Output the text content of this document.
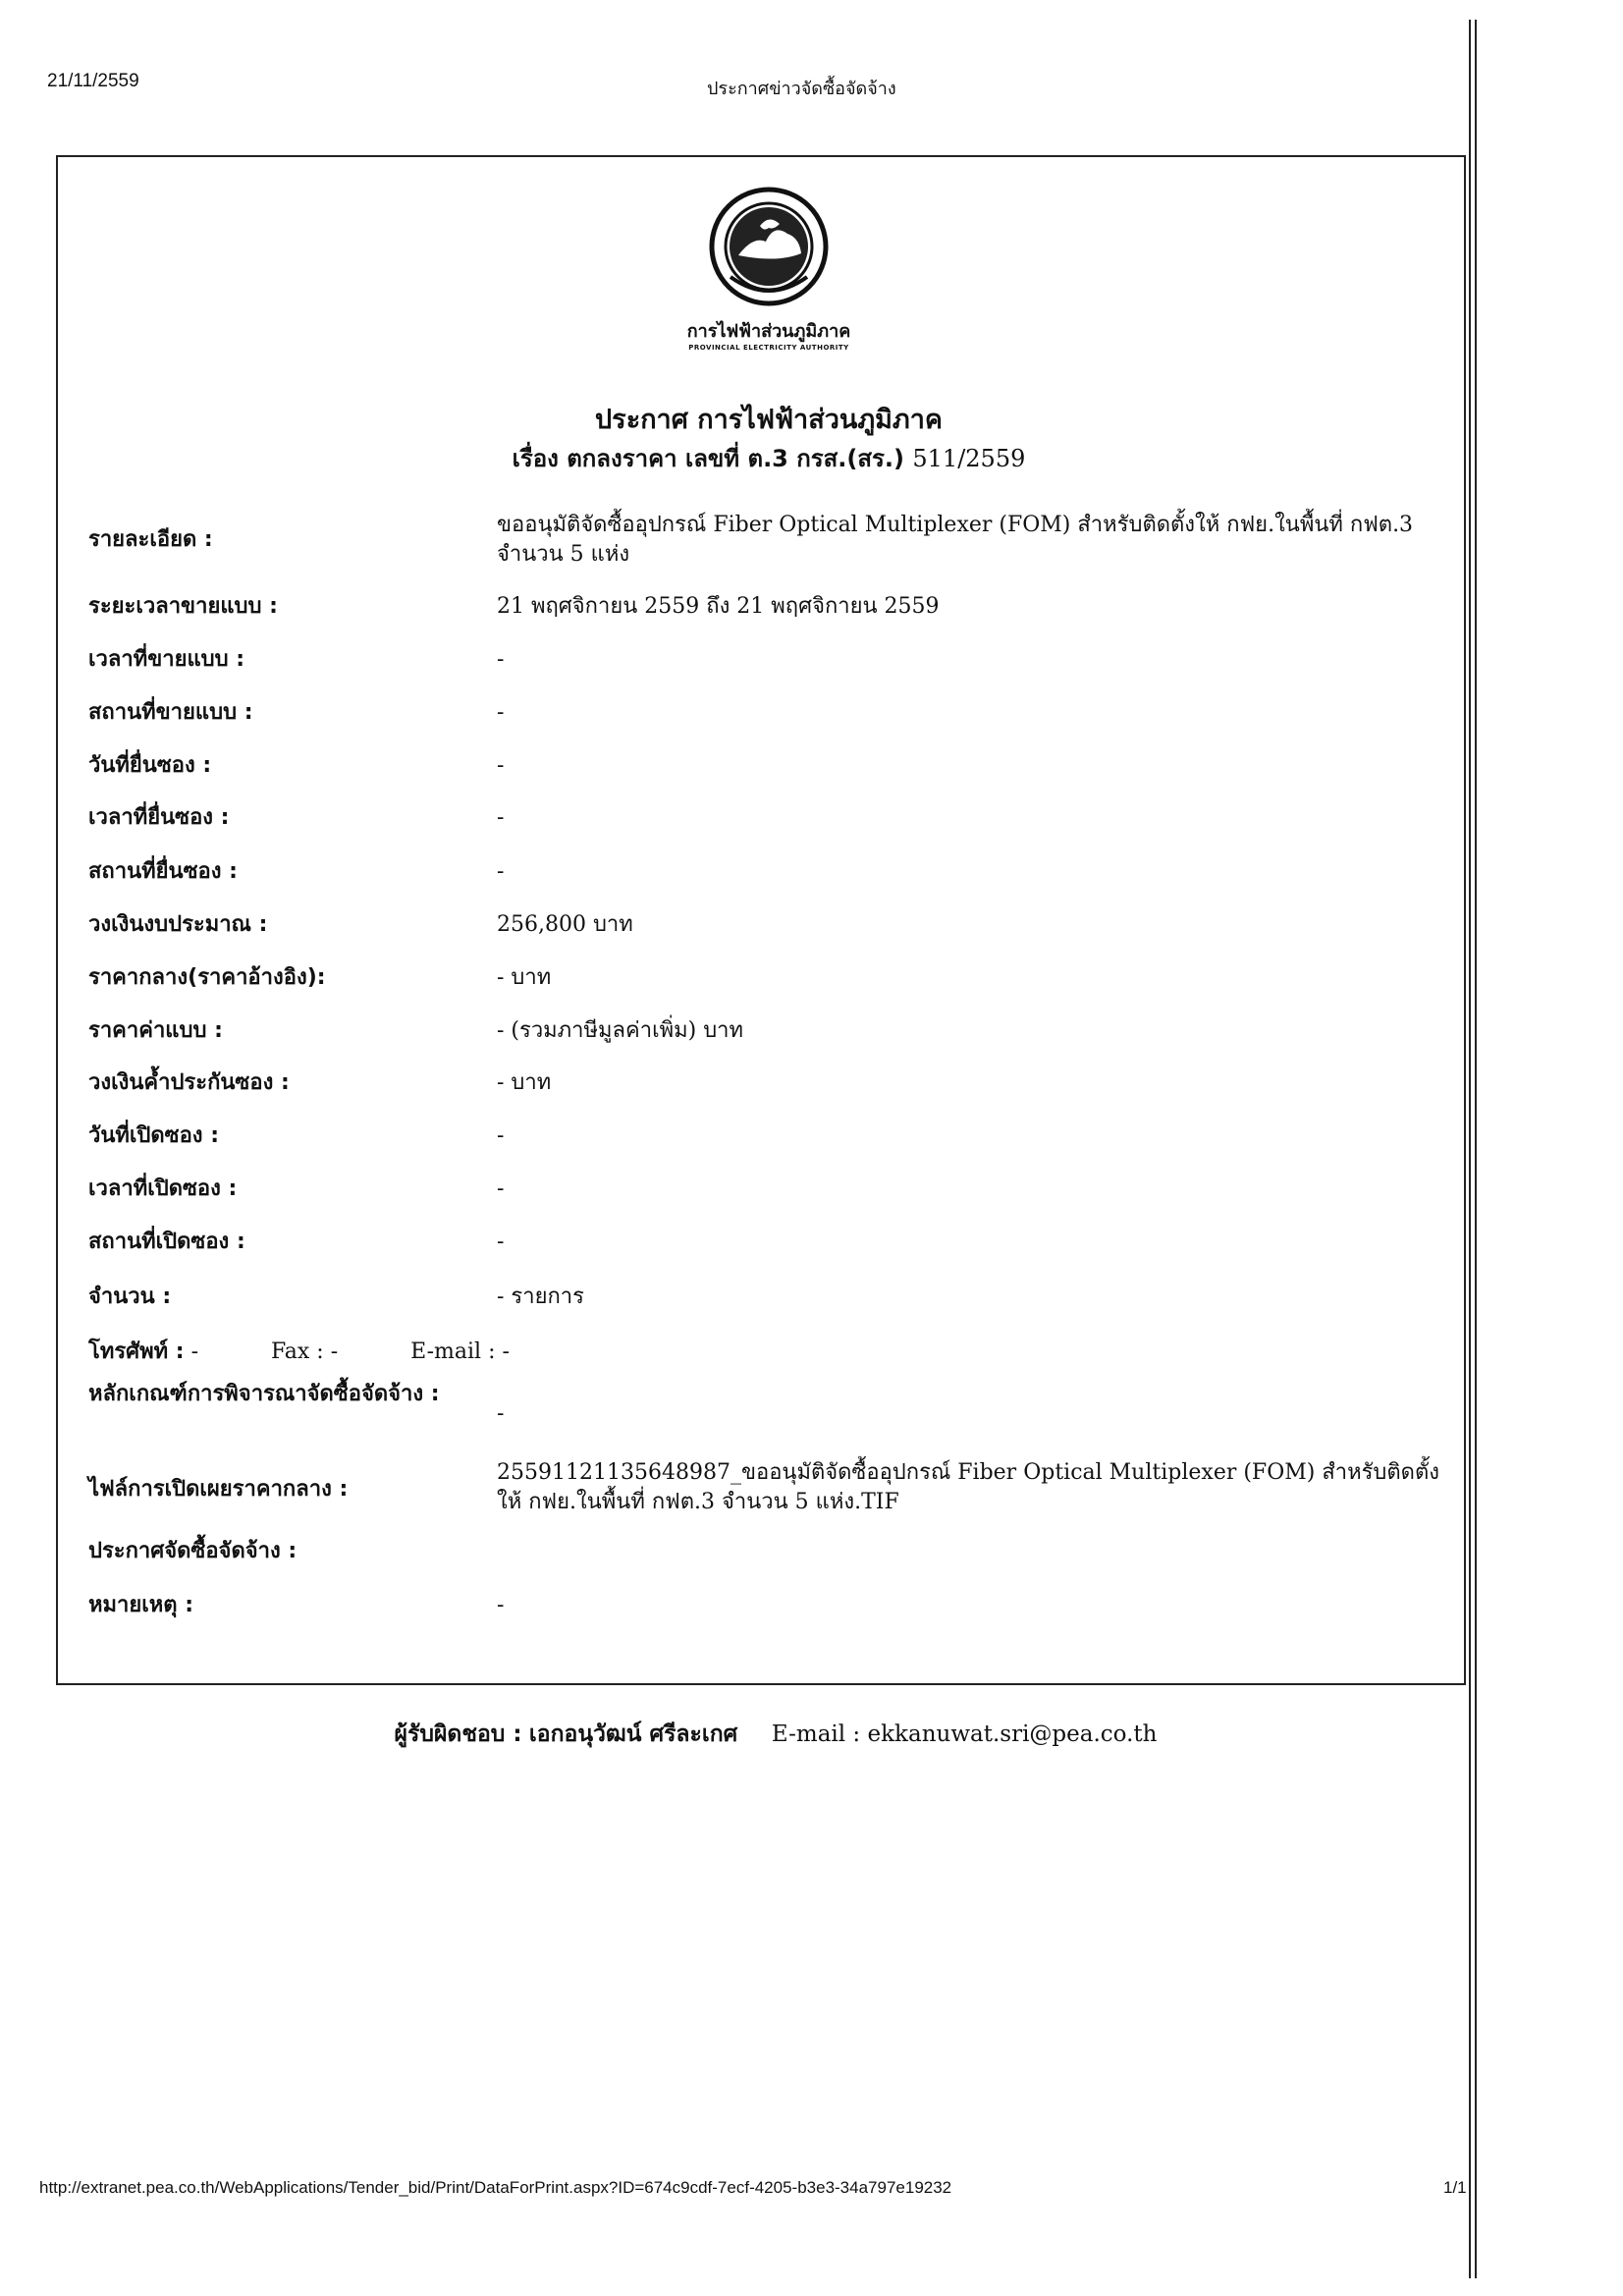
21/11/2559	ประกาศข่าวจัดซื้อจัดจ้าง
การไฟฟ้าส่วนภูมิภาค
PROVINCIAL ELECTRICITY AUTHORITY
ประกาศ การไฟฟ้าส่วนภูมิภาค
เรื่อง ตกลงราคา เลขที่ ต.3 กรส.(สร.) 511/2559
รายละเอียด :
ขออนุมัติจัดซื้ออุปกรณ์ Fiber Optical Multiplexer (FOM) สำหรับติดตั้งให้ กฟย.ในพื้นที่ กฟต.3 จำนวน 5 แห่ง
ระยะเวลาขายแบบ :	21 พฤศจิกายน 2559 ถึง 21 พฤศจิกายน 2559
เวลาที่ขายแบบ :	-
สถานที่ขายแบบ :	-
วันที่ยื่นซอง :	-
เวลาที่ยื่นซอง :	-
สถานที่ยื่นซอง :	-
วงเงินงบประมาณ :	256,800 บาท
ราคากลาง(ราคาอ้างอิง):	- บาท
ราคาค่าแบบ :	- (รวมภาษีมูลค่าเพิ่ม) บาท
วงเงินค้ำประกันซอง :	- บาท
วันที่เปิดซอง :	-
เวลาที่เปิดซอง :	-
สถานที่เปิดซอง :	-
จำนวน :	- รายการ
โทรศัพท์ : -	Fax : -	E-mail : -
หลักเกณฑ์การพิจารณาจัดซื้อจัดจ้าง :
-
ไฟล์การเปิดเผยราคากลาง :
25591121135648987_ขออนุมัติจัดซื้ออุปกรณ์ Fiber Optical Multiplexer (FOM) สำหรับติดตั้งให้ กฟย.ในพื้นที่ กฟต.3 จำนวน 5 แห่ง.TIF
ประกาศจัดซื้อจัดจ้าง :
หมายเหตุ :	-
ผู้รับผิดชอบ : เอกอนุวัฒน์ ศรีละเกศ E-mail : ekkanuwat.sri@pea.co.th
http://extranet.pea.co.th/WebApplications/Tender_bid/Print/DataForPrint.aspx?ID=674c9cdf-7ecf-4205-b3e3-34a797e19232	1/1
